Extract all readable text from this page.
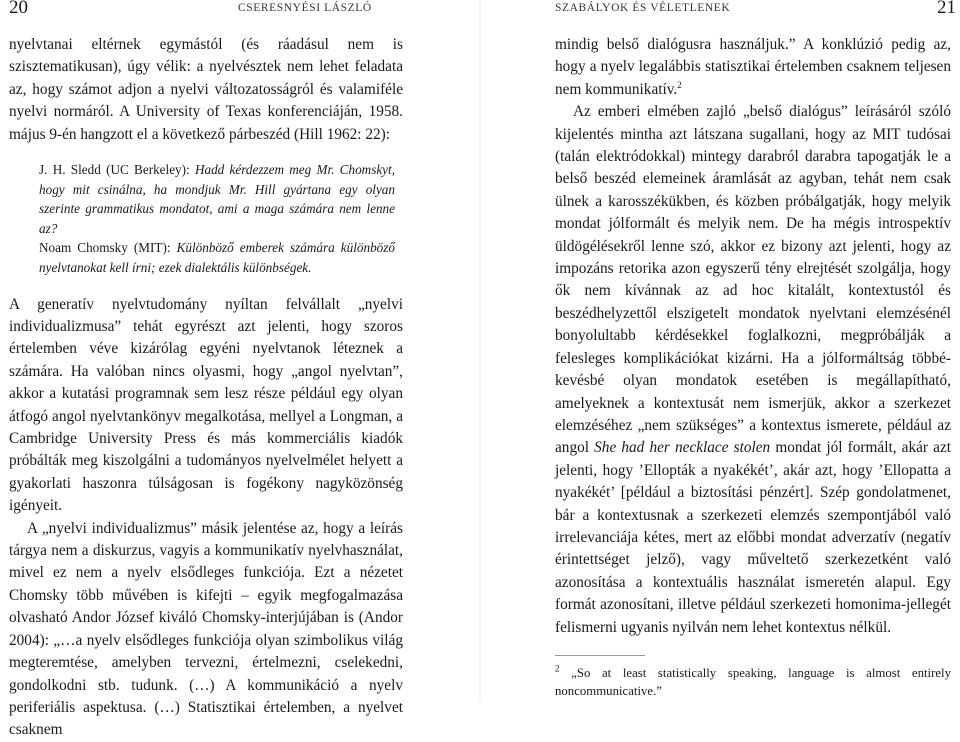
20	CSERESNYÉSI LÁSZLÓ

nyelvtanai eltérnek egymástól (és ráadásul nem is szisztematikusan), úgy vélik: a nyelvésztek nem lehet feladata az, hogy számot adjon a nyelvi változatosságról és valamiféle nyelvi normáról. A University of Texas konferenciáján, 1958. május 9-én hangzott el a következő párbeszéd (Hill 1962: 22):

J. H. Sledd (UC Berkeley): Hadd kérdezzem meg Mr. Chomskyt, hogy mit csinálna, ha mondjuk Mr. Hill gyártana egy olyan szerinte grammatikus mondatot, ami a maga számára nem lenne az?
Noam Chomsky (MIT): Különböző emberek számára különböző nyelvtanokat kell írni; ezek dialektális különbségek.

A generatív nyelvtudomány nyíltan felvállalt „nyelvi individualizmusa” tehát egyrészt azt jelenti, hogy szoros értelemben véve kizárólag egyéni nyelvtanok léteznek a számára. Ha valóban nincs olyasmi, hogy „angol nyelvtan”, akkor a kutatási programnak sem lesz része például egy olyan átfogó angol nyelvtankönyv megalkotása, mellyel a Longman, a Cambridge University Press és más kommerciális kiadók próbálták meg kiszolgálni a tudományos nyelvelmélet helyett a gyakorlati haszonra túlságosan is fogékony nagyközönség igényeit.

A „nyelvi individualizmus” másik jelentése az, hogy a leírás tárgya nem a diskurzus, vagyis a kommunikatív nyelvhasználat, mivel ez nem a nyelv elsődleges funkciója. Ezt a nézetet Chomsky több művében is kifejti – egyik megfogalmazása olvasható Andor József kiváló Chomsky-interjújában is (Andor 2004): „…a nyelv elsődleges funkciója olyan szimbolikus világ megteremtése, amelyben tervezni, értelmezni, cselekedni, gondolkodni stb. tudunk. (…) A kommunikáció a nyelv periferiális aspektusa. (…) Statisztikai értelemben, a nyelvet csaknem

SZABÁLYOK ÉS VÉLETLENEK	21

mindig belső dialógusra használjuk.” A konklúzió pedig az, hogy a nyelv legalábbis statisztikai értelemben csaknem teljesen nem kommunikatív.$^2$

Az emberi elmében zajló „belső dialógus” leírásáról szóló kijelentés mintha azt látszana sugallani, hogy az MIT tudósai (talán elektródokkal) mintegy darabról darabra tapogatják le a belső beszéd elemeinek áramlását az agyban, tehát nem csak ülnek a karosszékükben, és közben próbálgatják, hogy melyik mondat jólformált és melyik nem. De ha mégis introspektív üldögélésekről lenne szó, akkor ez bizony azt jelenti, hogy az impozáns retorika azon egyszerű tény elrejtését szolgálja, hogy ők nem kívánnak az ad hoc kitalált, kontextustól és beszédhelyzettől elszigetelt mondatok nyelvtani elemzésénél bonyolultabb kérdésekkel foglalkozni, megpróbálják a felesleges komplikációkat kizárni. Ha a jólformáltság többé-kevésbé olyan mondatok esetében is megállapítható, amelyeknek a kontextusát nem ismerjük, akkor a szerkezet elemzéséhez „nem szükséges” a kontextus ismerete, például az angol She had her necklace stolen mondat jól formált, akár azt jelenti, hogy ’Ellopták a nyakékét’, akár azt, hogy ’Ellopatta a nyakékét’ [például a biztosítási pénzért]. Szép gondolatmenet, bár a kontextusnak a szerkezeti elemzés szempontjából való irrelevanciája kétes, mert az előbbi mondat adverzatív (negatív érintettséget jelző), vagy műveltető szerkezetként való azonosítása a kontextuális használat ismeretén alapul. Egy formát azonosítani, illetve például szerkezeti homonima-jellegét felismerni ugyanis nyilván nem lehet kontextus nélkül.

$^2$ „So at least statistically speaking, language is almost entirely noncommunicative.”
